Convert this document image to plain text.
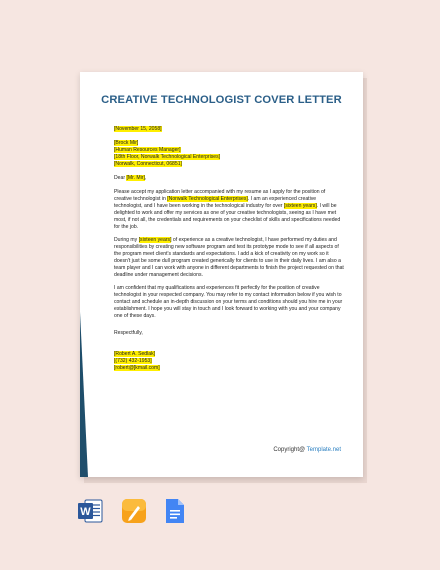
CREATIVE TECHNOLOGIST COVER LETTER
[November 15, 2058]
[Brock Mir]
[Human Resources Manager]
[18th Floor, Norwalk Technological Enterprises]
[Norwalk, Connecticut, 06851]
Dear [Mr. Mir],

Please accept my application letter accompanied with my resume as I apply for the position of creative technologist in [Norwalk Technological Enterprises]. I am an experienced creative technologist, and I have been working in the technological industry for over [sixteen years]. I will be delighted to work and offer my services as one of your creative technologists, seeing as I have met most, if not all, the credentials and requirements on your checklist of skills and specifications needed for the job.

During my [sixteen years] of experience as a creative technologist, I have performed my duties and responsibilities by creating new software program and test its prototype mode to see if all aspects of the program meet client's standards and expectations. I add a kick of creativity on my work so it doesn't just be some dull program created generically for clients to use in their daily lives. I am also a team player and I can work with anyone in different departments to finish the project requested on that deadline under management decisions.

I am confident that my qualifications and experiences fit perfectly for the position of creative technologist in your respected company. You may refer to my contact information below if you wish to contact and schedule an in-depth discussion on your terms and conditions should you hire me in your establishment. I hope you will stay in touch and I look forward to working with you and your company one of these days.

Respectfully,
[Robert A. Sedlak]
[(732) 432-1953]
[robert@]kmail.com]
Copyright@ Template.net
W
